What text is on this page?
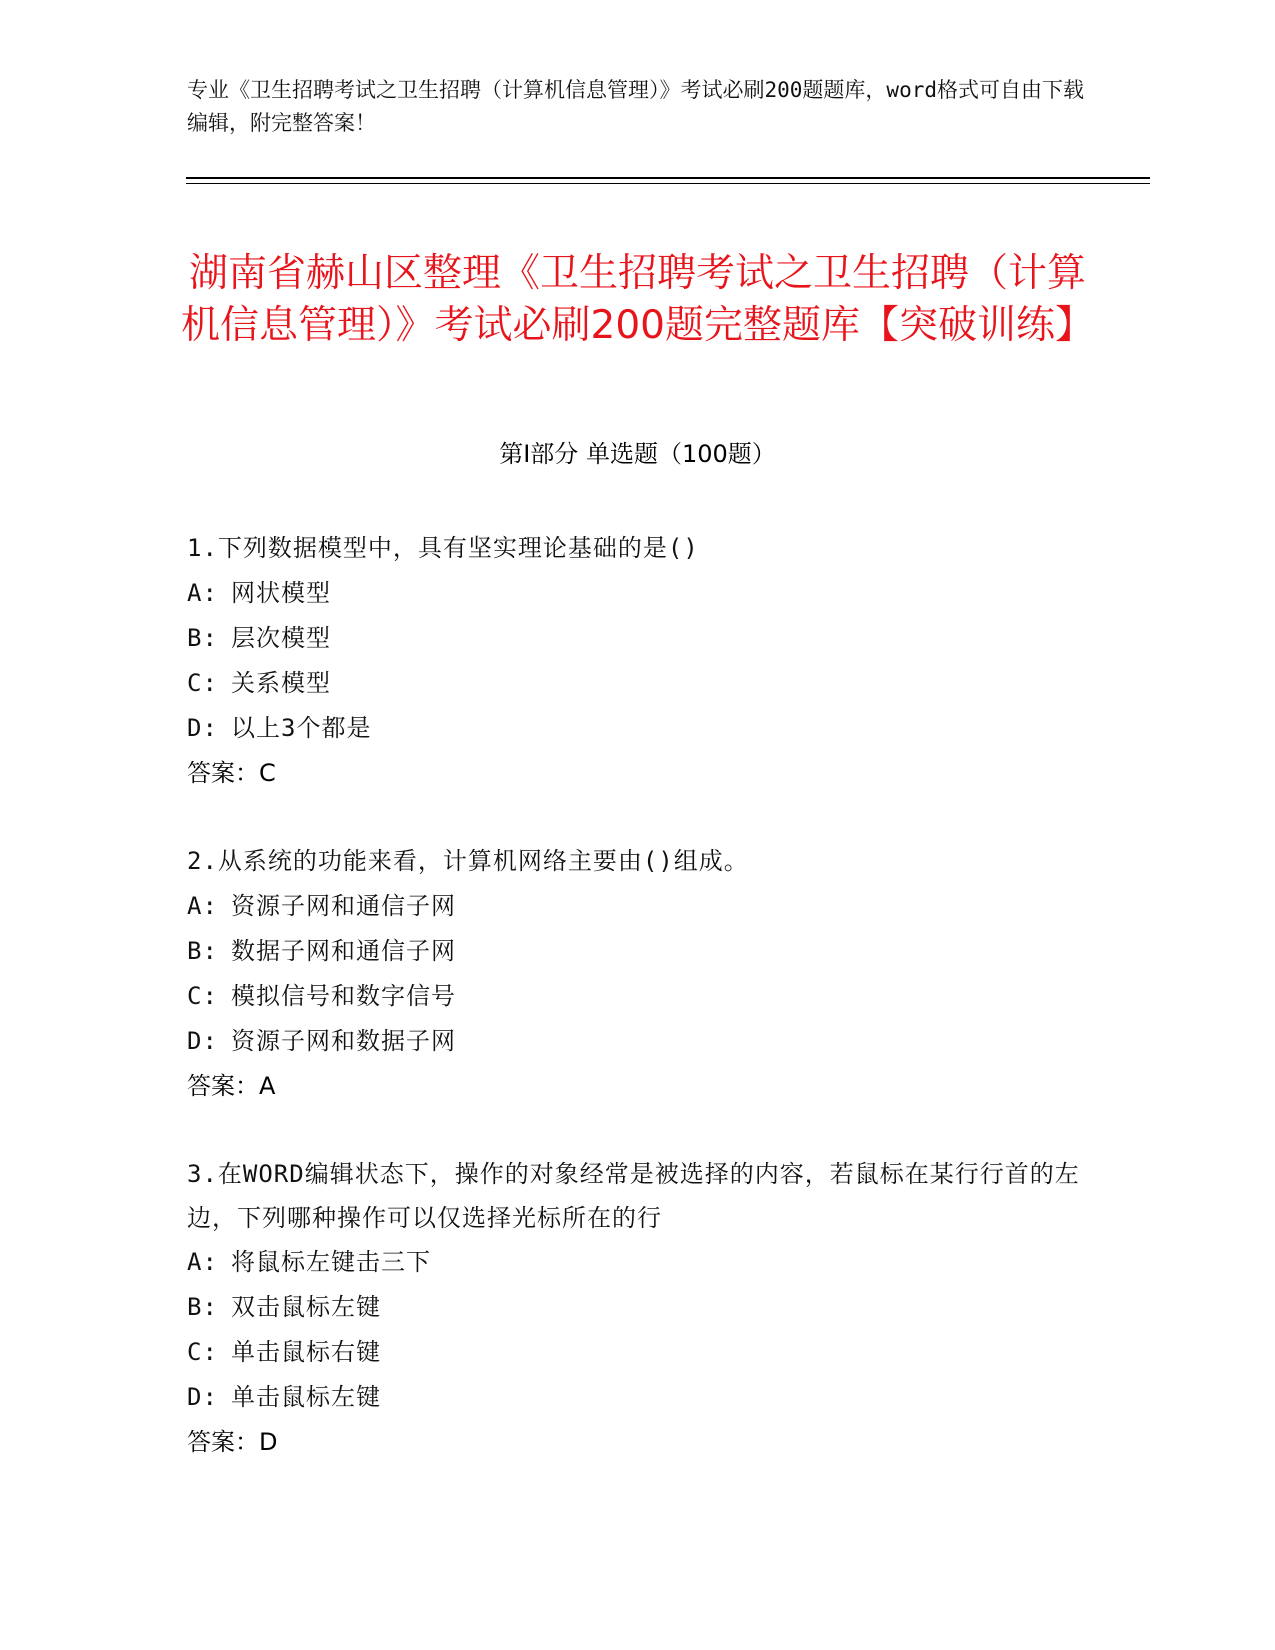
专业《卫生招聘考试之卫生招聘（计算机信息管理）》考试必刷200题题库，word格式可自由下载编辑，附完整答案！
湖南省赫山区整理《卫生招聘考试之卫生招聘（计算机信息管理）》考试必刷200题完整题库【突破训练】
第I部分 单选题（100题）
1.下列数据模型中，具有坚实理论基础的是()
A: 网状模型
B: 层次模型
C: 关系模型
D: 以上3个都是
答案：C
2.从系统的功能来看，计算机网络主要由()组成。
A: 资源子网和通信子网
B: 数据子网和通信子网
C: 模拟信号和数字信号
D: 资源子网和数据子网
答案：A
3.在WORD编辑状态下，操作的对象经常是被选择的内容，若鼠标在某行行首的左边，下列哪种操作可以仅选择光标所在的行
A: 将鼠标左键击三下
B: 双击鼠标左键
C: 单击鼠标右键
D: 单击鼠标左键
答案：D
